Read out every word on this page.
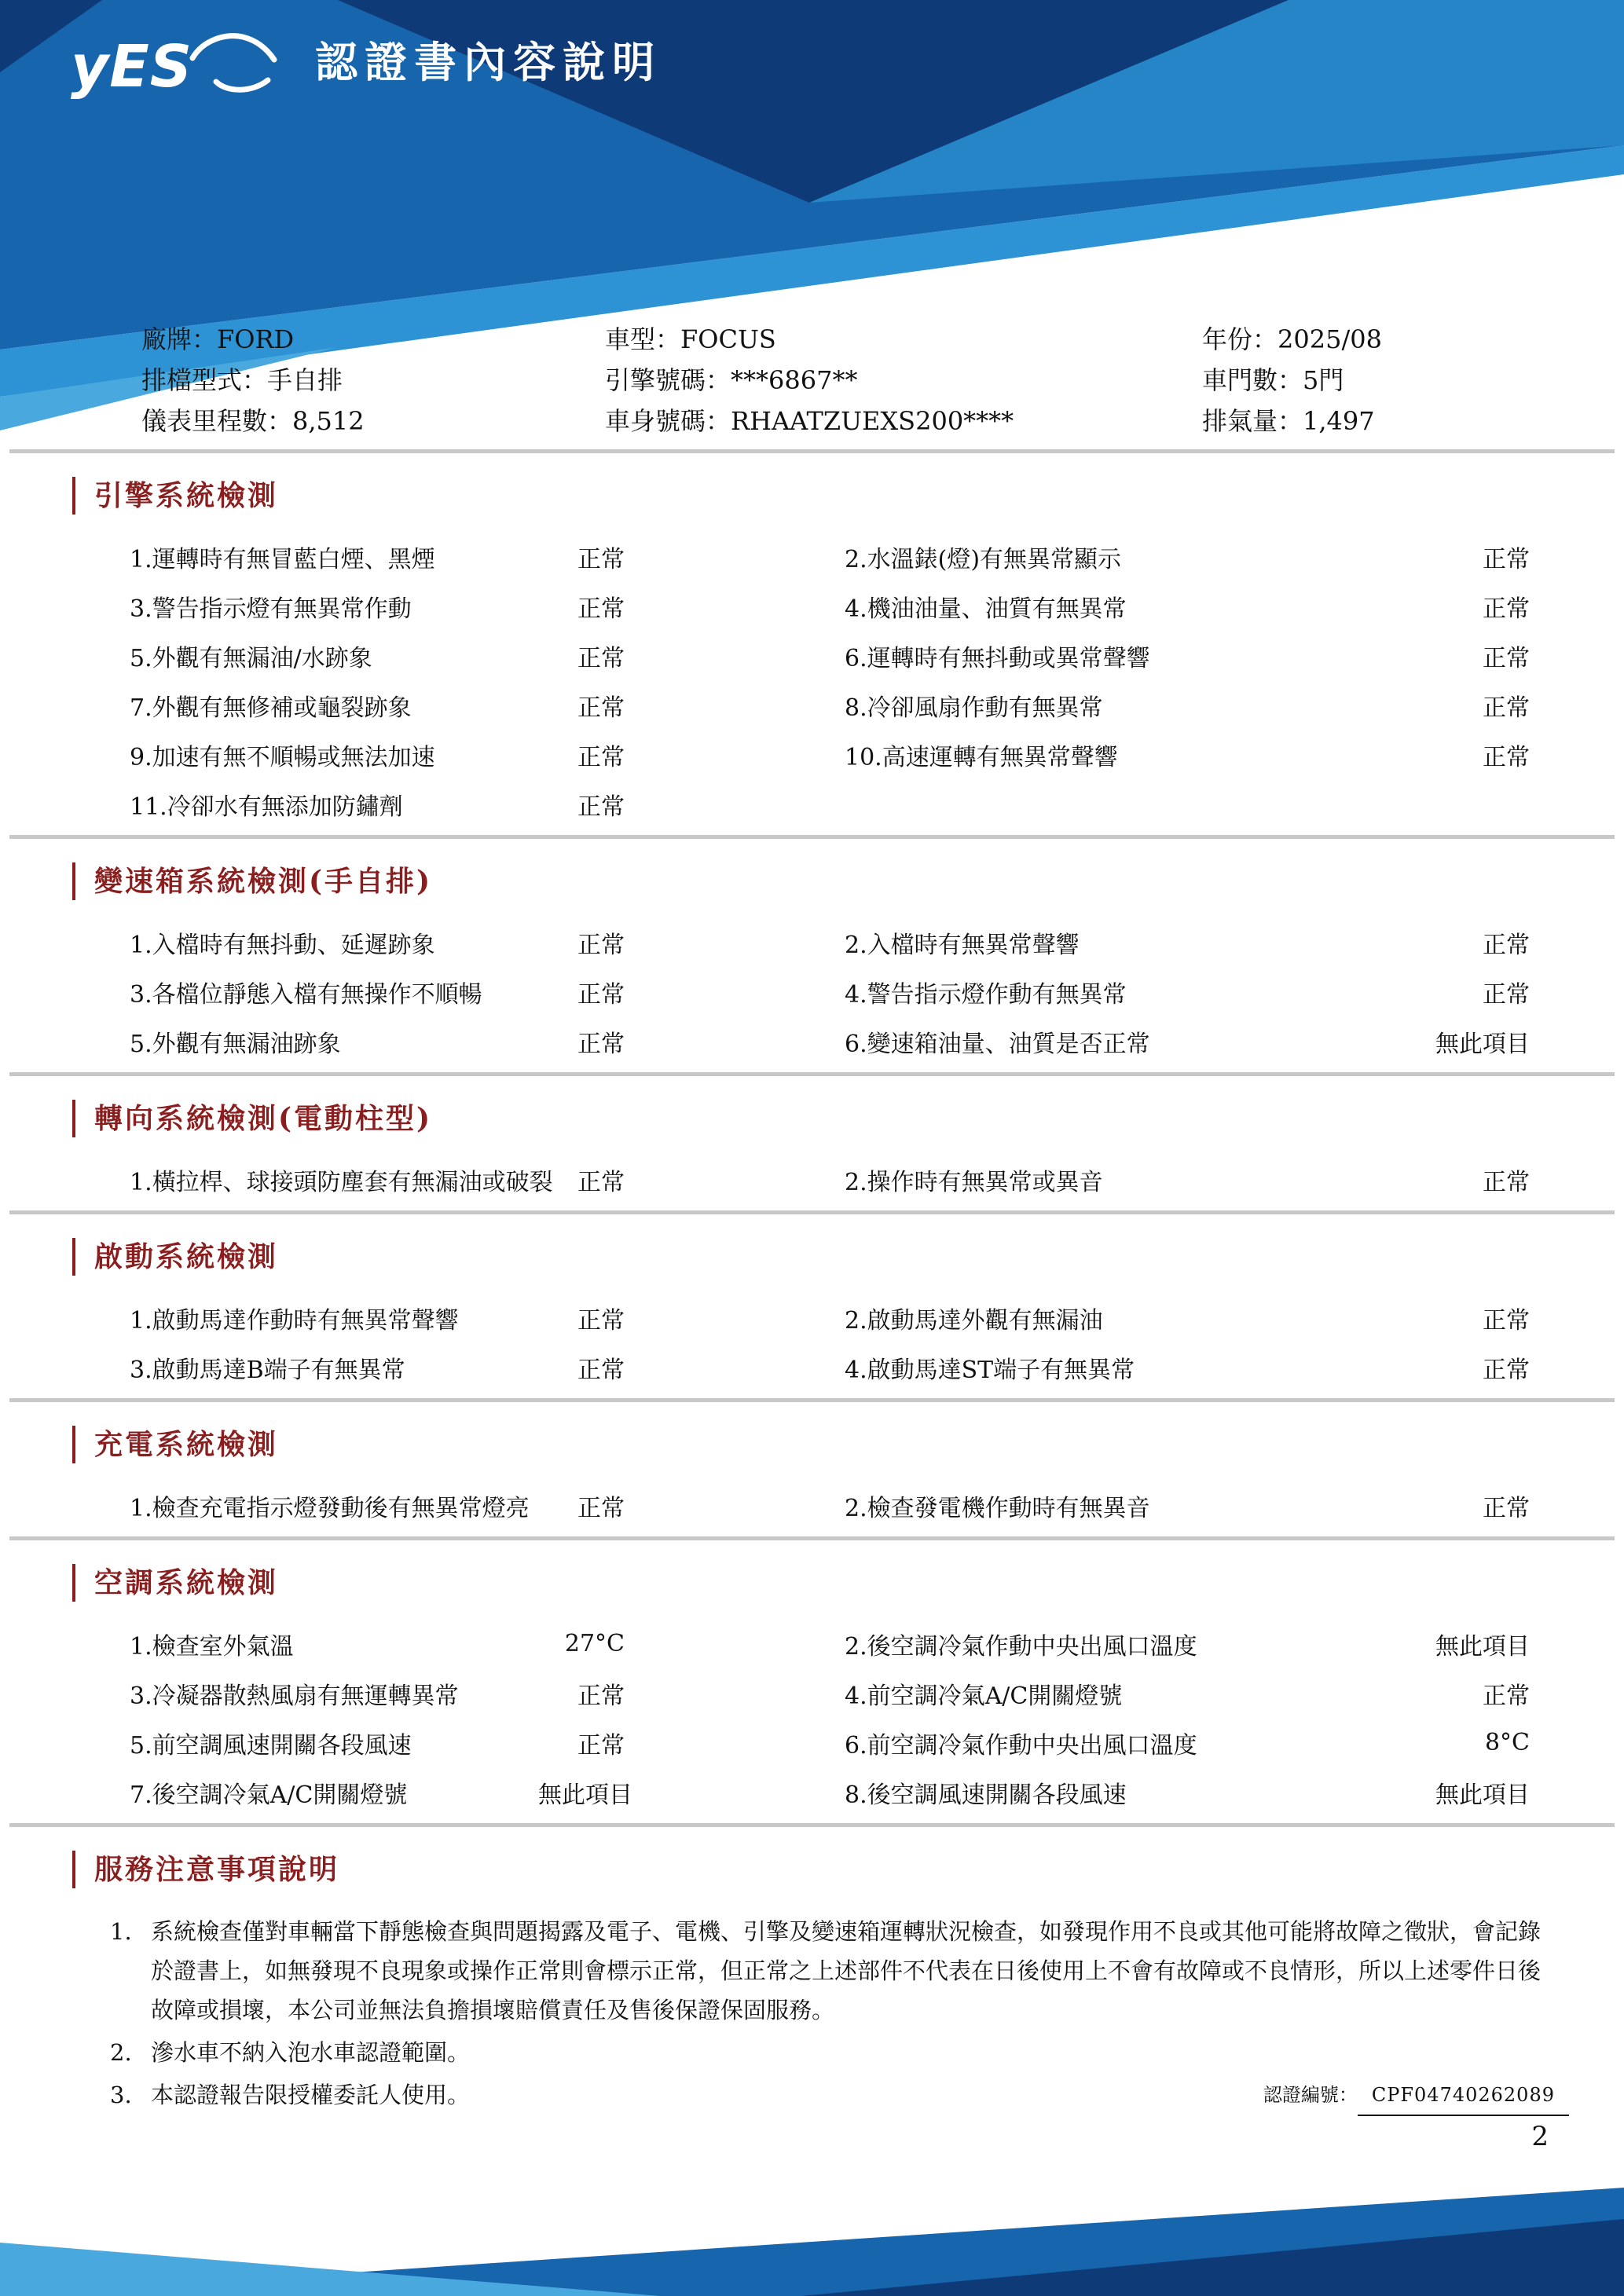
yES	認證書內容說明
廠牌：FORD	車型：FOCUS	年份：2025/08
排檔型式：手自排	引擎號碼：***6867**	車門數：5門
儀表里程數：8,512	車身號碼：RHAATZUEXS200****	排氣量：1,497
引擎系統檢測
1.運轉時有無冒藍白煙、黑煙	正常	2.水溫錶(燈)有無異常顯示	正常
3.警告指示燈有無異常作動	正常	4.機油油量、油質有無異常	正常
5.外觀有無漏油/水跡象	正常	6.運轉時有無抖動或異常聲響	正常
7.外觀有無修補或龜裂跡象	正常	8.冷卻風扇作動有無異常	正常
9.加速有無不順暢或無法加速	正常	10.高速運轉有無異常聲響	正常
11.冷卻水有無添加防鏽劑	正常
變速箱系統檢測(手自排)
1.入檔時有無抖動、延遲跡象	正常	2.入檔時有無異常聲響	正常
3.各檔位靜態入檔有無操作不順暢	正常	4.警告指示燈作動有無異常	正常
5.外觀有無漏油跡象	正常	6.變速箱油量、油質是否正常	無此項目
轉向系統檢測(電動柱型)
1.橫拉桿、球接頭防塵套有無漏油或破裂	正常	2.操作時有無異常或異音	正常
啟動系統檢測
1.啟動馬達作動時有無異常聲響	正常	2.啟動馬達外觀有無漏油	正常
3.啟動馬達B端子有無異常	正常	4.啟動馬達ST端子有無異常	正常
充電系統檢測
1.檢查充電指示燈發動後有無異常燈亮	正常	2.檢查發電機作動時有無異音	正常
空調系統檢測
1.檢查室外氣溫	27°C	2.後空調冷氣作動中央出風口溫度	無此項目
3.冷凝器散熱風扇有無運轉異常	正常	4.前空調冷氣A/C開關燈號	正常
5.前空調風速開關各段風速	正常	6.前空調冷氣作動中央出風口溫度	8°C
7.後空調冷氣A/C開關燈號	無此項目	8.後空調風速開關各段風速	無此項目
服務注意事項說明
1. 系統檢查僅對車輛當下靜態檢查與問題揭露及電子、電機、引擎及變速箱運轉狀況檢查，如發現作用不良或其他可能將故障之徵狀，會記錄於證書上，如無發現不良現象或操作正常則會標示正常，但正常之上述部件不代表在日後使用上不會有故障或不良情形，所以上述零件日後故障或損壞，本公司並無法負擔損壞賠償責任及售後保證保固服務。
2. 滲水車不納入泡水車認證範圍。
3. 本認證報告限授權委託人使用。	認證編號： CPF04740262089
2
